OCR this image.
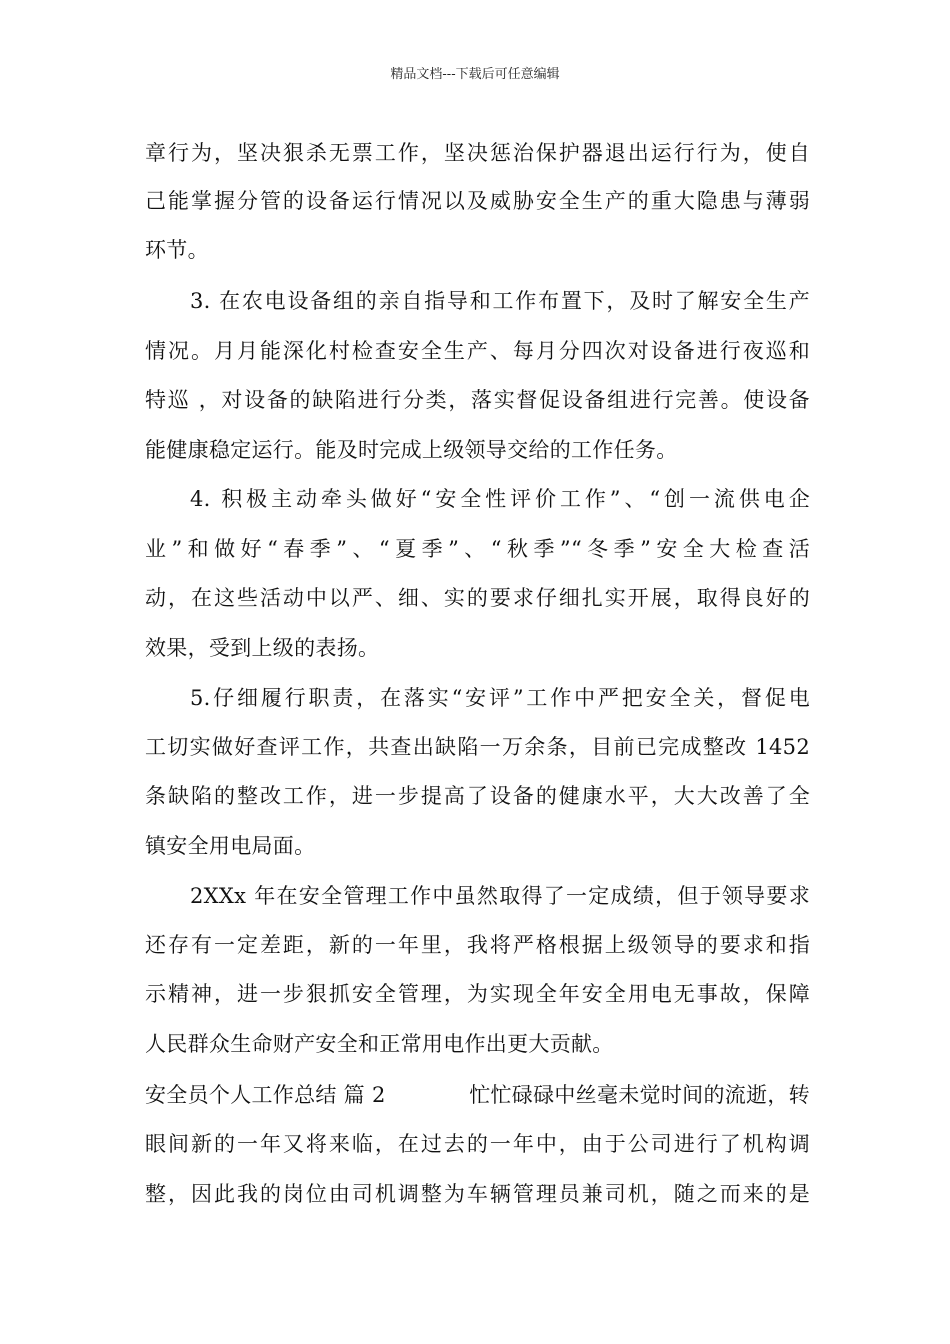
精品文档---下载后可任意编辑
章行为，坚决狠杀无票工作，坚决惩治保护器退出运行行为，使自
己能掌握分管的设备运行情况以及威胁安全生产的重大隐患与薄弱
环节。
3. 在农电设备组的亲自指导和工作布置下，及时了解安全生产
情况。月月能深化村检查安全生产、每月分四次对设备进行夜巡和
特巡 ，对设备的缺陷进行分类，落实督促设备组进行完善。使设备
能健康稳定运行。能及时完成上级领导交给的工作任务。
4. 积极主动牵头做好“安全性评价工作”、“创一流供电企
业”和做好“春季”、“夏季”、“秋季”“冬季”安全大检查活
动，在这些活动中以严、细、实的要求仔细扎实开展，取得良好的
效果，受到上级的表扬。
5.仔细履行职责，在落实“安评”工作中严把安全关，督促电
工切实做好查评工作，共查出缺陷一万余条，目前已完成整改 1452
条缺陷的整改工作，进一步提高了设备的健康水平，大大改善了全
镇安全用电局面。
2XXx 年在安全管理工作中虽然取得了一定成绩，但于领导要求
还存有一定差距，新的一年里，我将严格根据上级领导的要求和指
示精神，进一步狠抓安全管理，为实现全年安全用电无事故，保障
人民群众生命财产安全和正常用电作出更大贡献。
安全员个人工作总结 篇 2	忙忙碌碌中丝毫未觉时间的流逝，转
眼间新的一年又将来临，在过去的一年中，由于公司进行了机构调
整，因此我的岗位由司机调整为车辆管理员兼司机，随之而来的是
